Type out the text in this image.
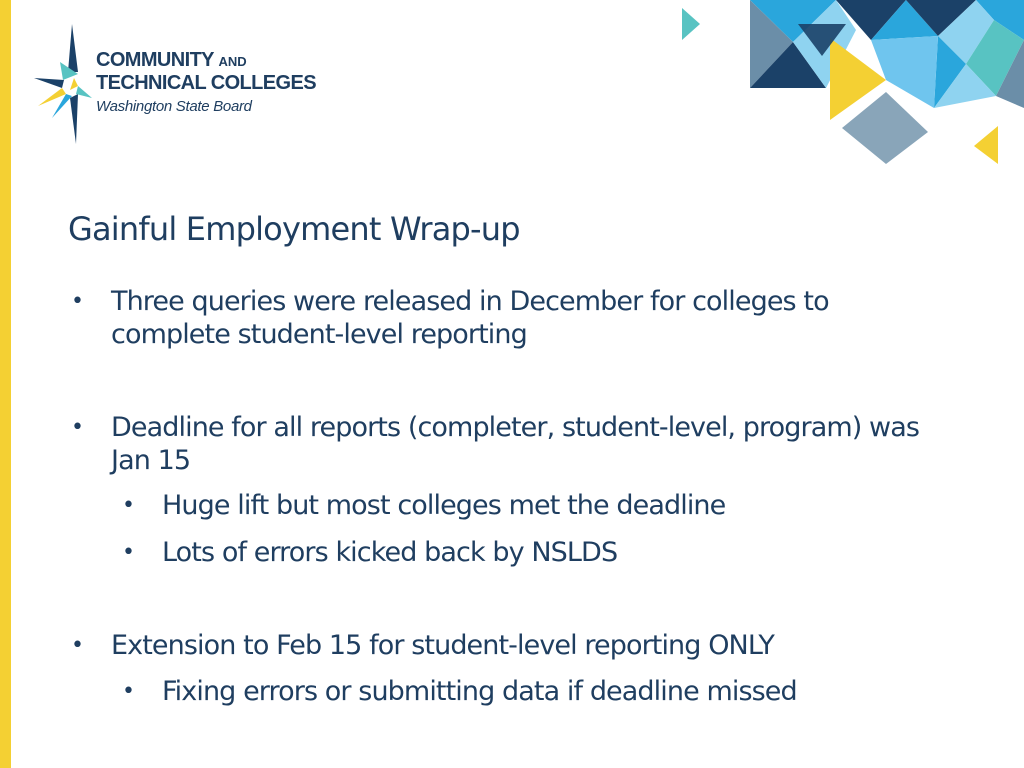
COMMUNITY AND
TECHNICAL COLLEGES
Washington State Board
Gainful Employment Wrap-up
• Three queries were released in December for colleges to
complete student-level reporting
• Deadline for all reports (completer, student-level, program) was
Jan 15
• Huge lift but most colleges met the deadline
• Lots of errors kicked back by NSLDS
• Extension to Feb 15 for student-level reporting ONLY
• Fixing errors or submitting data if deadline missed
